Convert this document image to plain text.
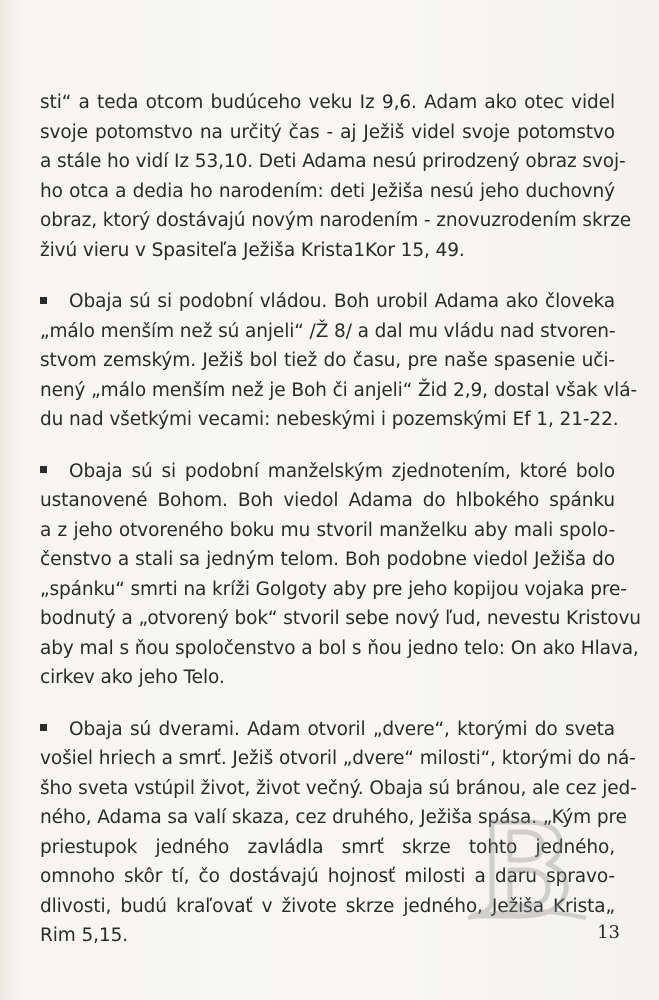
sti“ a teda otcom budúceho veku Iz 9,6. Adam ako otec videl
svoje potomstvo na určitý čas - aj Ježiš videl svoje potomstvo
a stále ho vidí Iz 53,10. Deti Adama nesú prirodzený obraz svoj-
ho otca a dedia ho narodením: deti Ježiša nesú jeho duchovný
obraz, ktorý dostávajú novým narodením - znovuzrodením skrze
živú vieru v Spasiteľa Ježiša Krista1Kor 15, 49.
Obaja sú si podobní vládou. Boh urobil Adama ako človeka
„málo menším než sú anjeli“ /Ž 8/ a dal mu vládu nad stvoren-
stvom zemským. Ježiš bol tiež do času, pre naše spasenie uči-
nený „málo menším než je Boh či anjeli“ Žid 2,9, dostal však vlá-
du nad všetkými vecami: nebeskými i pozemskými Ef 1, 21-22.
Obaja sú si podobní manželským zjednotením, ktoré bolo
ustanovené Bohom. Boh viedol Adama do hlbokého spánku
a z jeho otvoreného boku mu stvoril manželku aby mali spolo-
čenstvo a stali sa jedným telom. Boh podobne viedol Ježiša do
„spánku“ smrti na kríži Golgoty aby pre jeho kopijou vojaka pre-
bodnutý a „otvorený bok“ stvoril sebe nový ľud, nevestu Kristovu
aby mal s ňou spoločenstvo a bol s ňou jedno telo: On ako Hlava,
cirkev ako jeho Telo.
Obaja sú dverami. Adam otvoril „dvere“, ktorými do sveta
vošiel hriech a smrť. Ježiš otvoril „dvere“ milosti“, ktorými do ná-
šho sveta vstúpil život, život večný. Obaja sú bránou, ale cez jed-
ného, Adama sa valí skaza, cez druhého, Ježiša spása. „Kým pre
priestupok jedného zavládla smrť skrze tohto jedného,
omnoho skôr tí, čo dostávajú hojnosť milosti a daru spravo-
dlivosti, budú kraľovať v živote skrze jedného, Ježiša Krista„
Rim 5,15.	13
